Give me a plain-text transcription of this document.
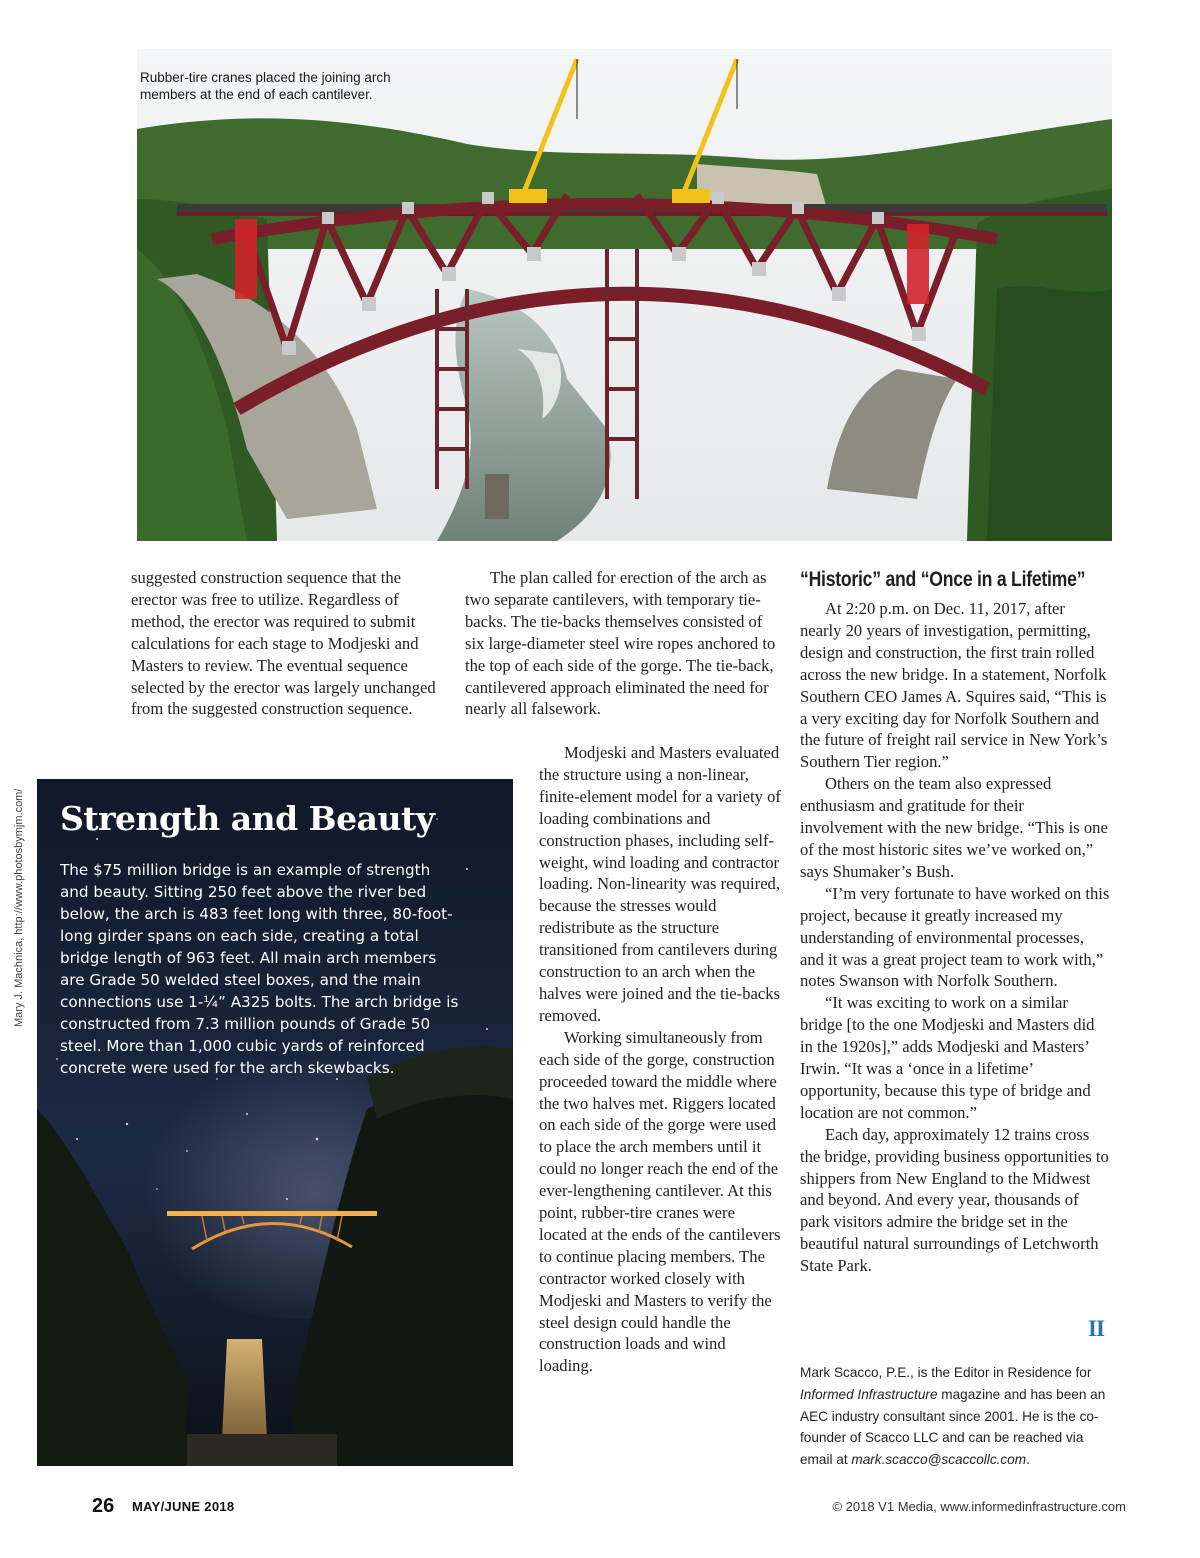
Rubber-tire cranes placed the joining arch members at the end of each cantilever.

suggested construction sequence that the erector was free to utilize. Regardless of method, the erector was required to submit calculations for each stage to Modjeski and Masters to review. The eventual sequence selected by the erector was largely unchanged from the suggested construction sequence.

The plan called for erection of the arch as two separate cantilevers, with temporary tie-backs. The tie-backs themselves consisted of six large-diameter steel wire ropes anchored to the top of each side of the gorge. The tie-back, cantilevered approach eliminated the need for nearly all falsework.

Modjeski and Masters evaluated the structure using a non-linear, finite-element model for a variety of loading combinations and construction phases, including self-weight, wind loading and contractor loading. Non-linearity was required, because the stresses would redistribute as the structure transitioned from cantilevers during construction to an arch when the halves were joined and the tie-backs removed.

Working simultaneously from each side of the gorge, construction proceeded toward the middle where the two halves met. Riggers located on each side of the gorge were used to place the arch members until it could no longer reach the end of the ever-lengthening cantilever. At this point, rubber-tire cranes were located at the ends of the cantilevers to continue placing members. The contractor worked closely with Modjeski and Masters to verify the steel design could handle the construction loads and wind loading.

“Historic” and “Once in a Lifetime”

At 2:20 p.m. on Dec. 11, 2017, after nearly 20 years of investigation, permitting, design and construction, the first train rolled across the new bridge. In a statement, Norfolk Southern CEO James A. Squires said, “This is a very exciting day for Norfolk Southern and the future of freight rail service in New York’s Southern Tier region.”

Others on the team also expressed enthusiasm and gratitude for their involvement with the new bridge. “This is one of the most historic sites we’ve worked on,” says Shumaker’s Bush.

“I’m very fortunate to have worked on this project, because it greatly increased my understanding of environmental processes, and it was a great project team to work with,” notes Swanson with Norfolk Southern.

“It was exciting to work on a similar bridge [to the one Modjeski and Masters did in the 1920s],” adds Modjeski and Masters’ Irwin. “It was a ‘once in a lifetime’ opportunity, because this type of bridge and location are not common.”

Each day, approximately 12 trains cross the bridge, providing business opportunities to shippers from New England to the Midwest and beyond. And every year, thousands of park visitors admire the bridge set in the beautiful natural surroundings of Letchworth State Park.

II

Mark Scacco, P.E., is the Editor in Residence for Informed Infrastructure magazine and has been an AEC industry consultant since 2001. He is the co-founder of Scacco LLC and can be reached via email at mark.scacco@scaccollc.com.

Strength and Beauty

The $75 million bridge is an example of strength and beauty. Sitting 250 feet above the river bed below, the arch is 483 feet long with three, 80-foot-long girder spans on each side, creating a total bridge length of 963 feet. All main arch members are Grade 50 welded steel boxes, and the main connections use 1-¼” A325 bolts. The arch bridge is constructed from 7.3 million pounds of Grade 50 steel. More than 1,000 cubic yards of reinforced concrete were used for the arch skewbacks.

Mary J. Machnica, http://www.photosbymjm.com/
26 MAY/JUNE 2018	© 2018 V1 Media, www.informedinfrastructure.com
